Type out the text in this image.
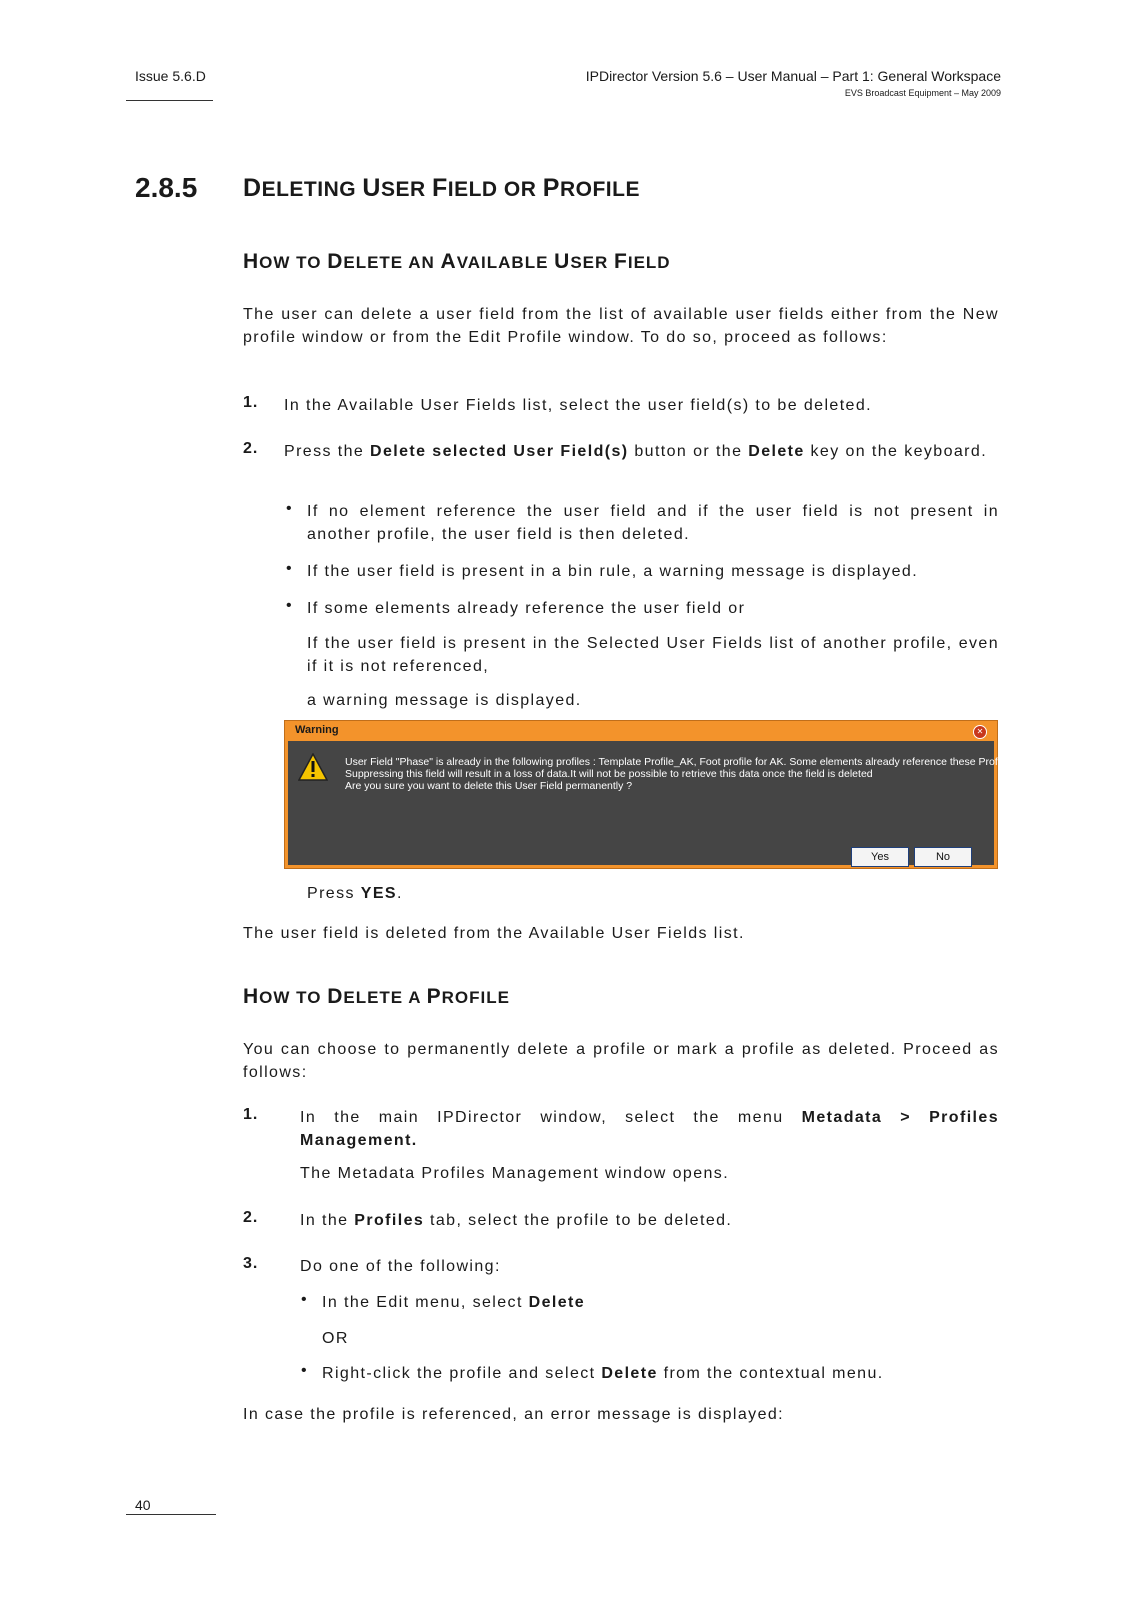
Issue 5.6.D	IPDirector Version 5.6 – User Manual – Part 1: General Workspace
EVS Broadcast Equipment – May 2009
2.8.5 DELETING USER FIELD OR PROFILE
HOW TO DELETE AN AVAILABLE USER FIELD

The user can delete a user field from the list of available user fields either from the New profile window or from the Edit Profile window. To do so, proceed as follows:

1. In the Available User Fields list, select the user field(s) to be deleted.

2. Press the Delete selected User Field(s) button or the Delete key on the keyboard.

• If no element reference the user field and if the user field is not present in another profile, the user field is then deleted.

• If the user field is present in a bin rule, a warning message is displayed.

• If some elements already reference the user field or

If the user field is present in the Selected User Fields list of another profile, even if it is not referenced,

a warning message is displayed.

Warning	✕
User Field "Phase" is already in the following profiles : Template Profile_AK, Foot profile for AK. Some elements already reference these Profiles.
Suppressing this field will result in a loss of data.It will not be possible to retrieve this data once the field is deleted
Are you sure you want to delete this User Field permanently ?
Yes	No

Press YES.

The user field is deleted from the Available User Fields list.

HOW TO DELETE A PROFILE

You can choose to permanently delete a profile or mark a profile as deleted. Proceed as follows:

1.	In the main IPDirector window, select the menu Metadata > Profiles Management.

The Metadata Profiles Management window opens.

2.	In the Profiles tab, select the profile to be deleted.

3.	Do one of the following:

• In the Edit menu, select Delete

OR

• Right-click the profile and select Delete from the contextual menu.

In case the profile is referenced, an error message is displayed:

40
